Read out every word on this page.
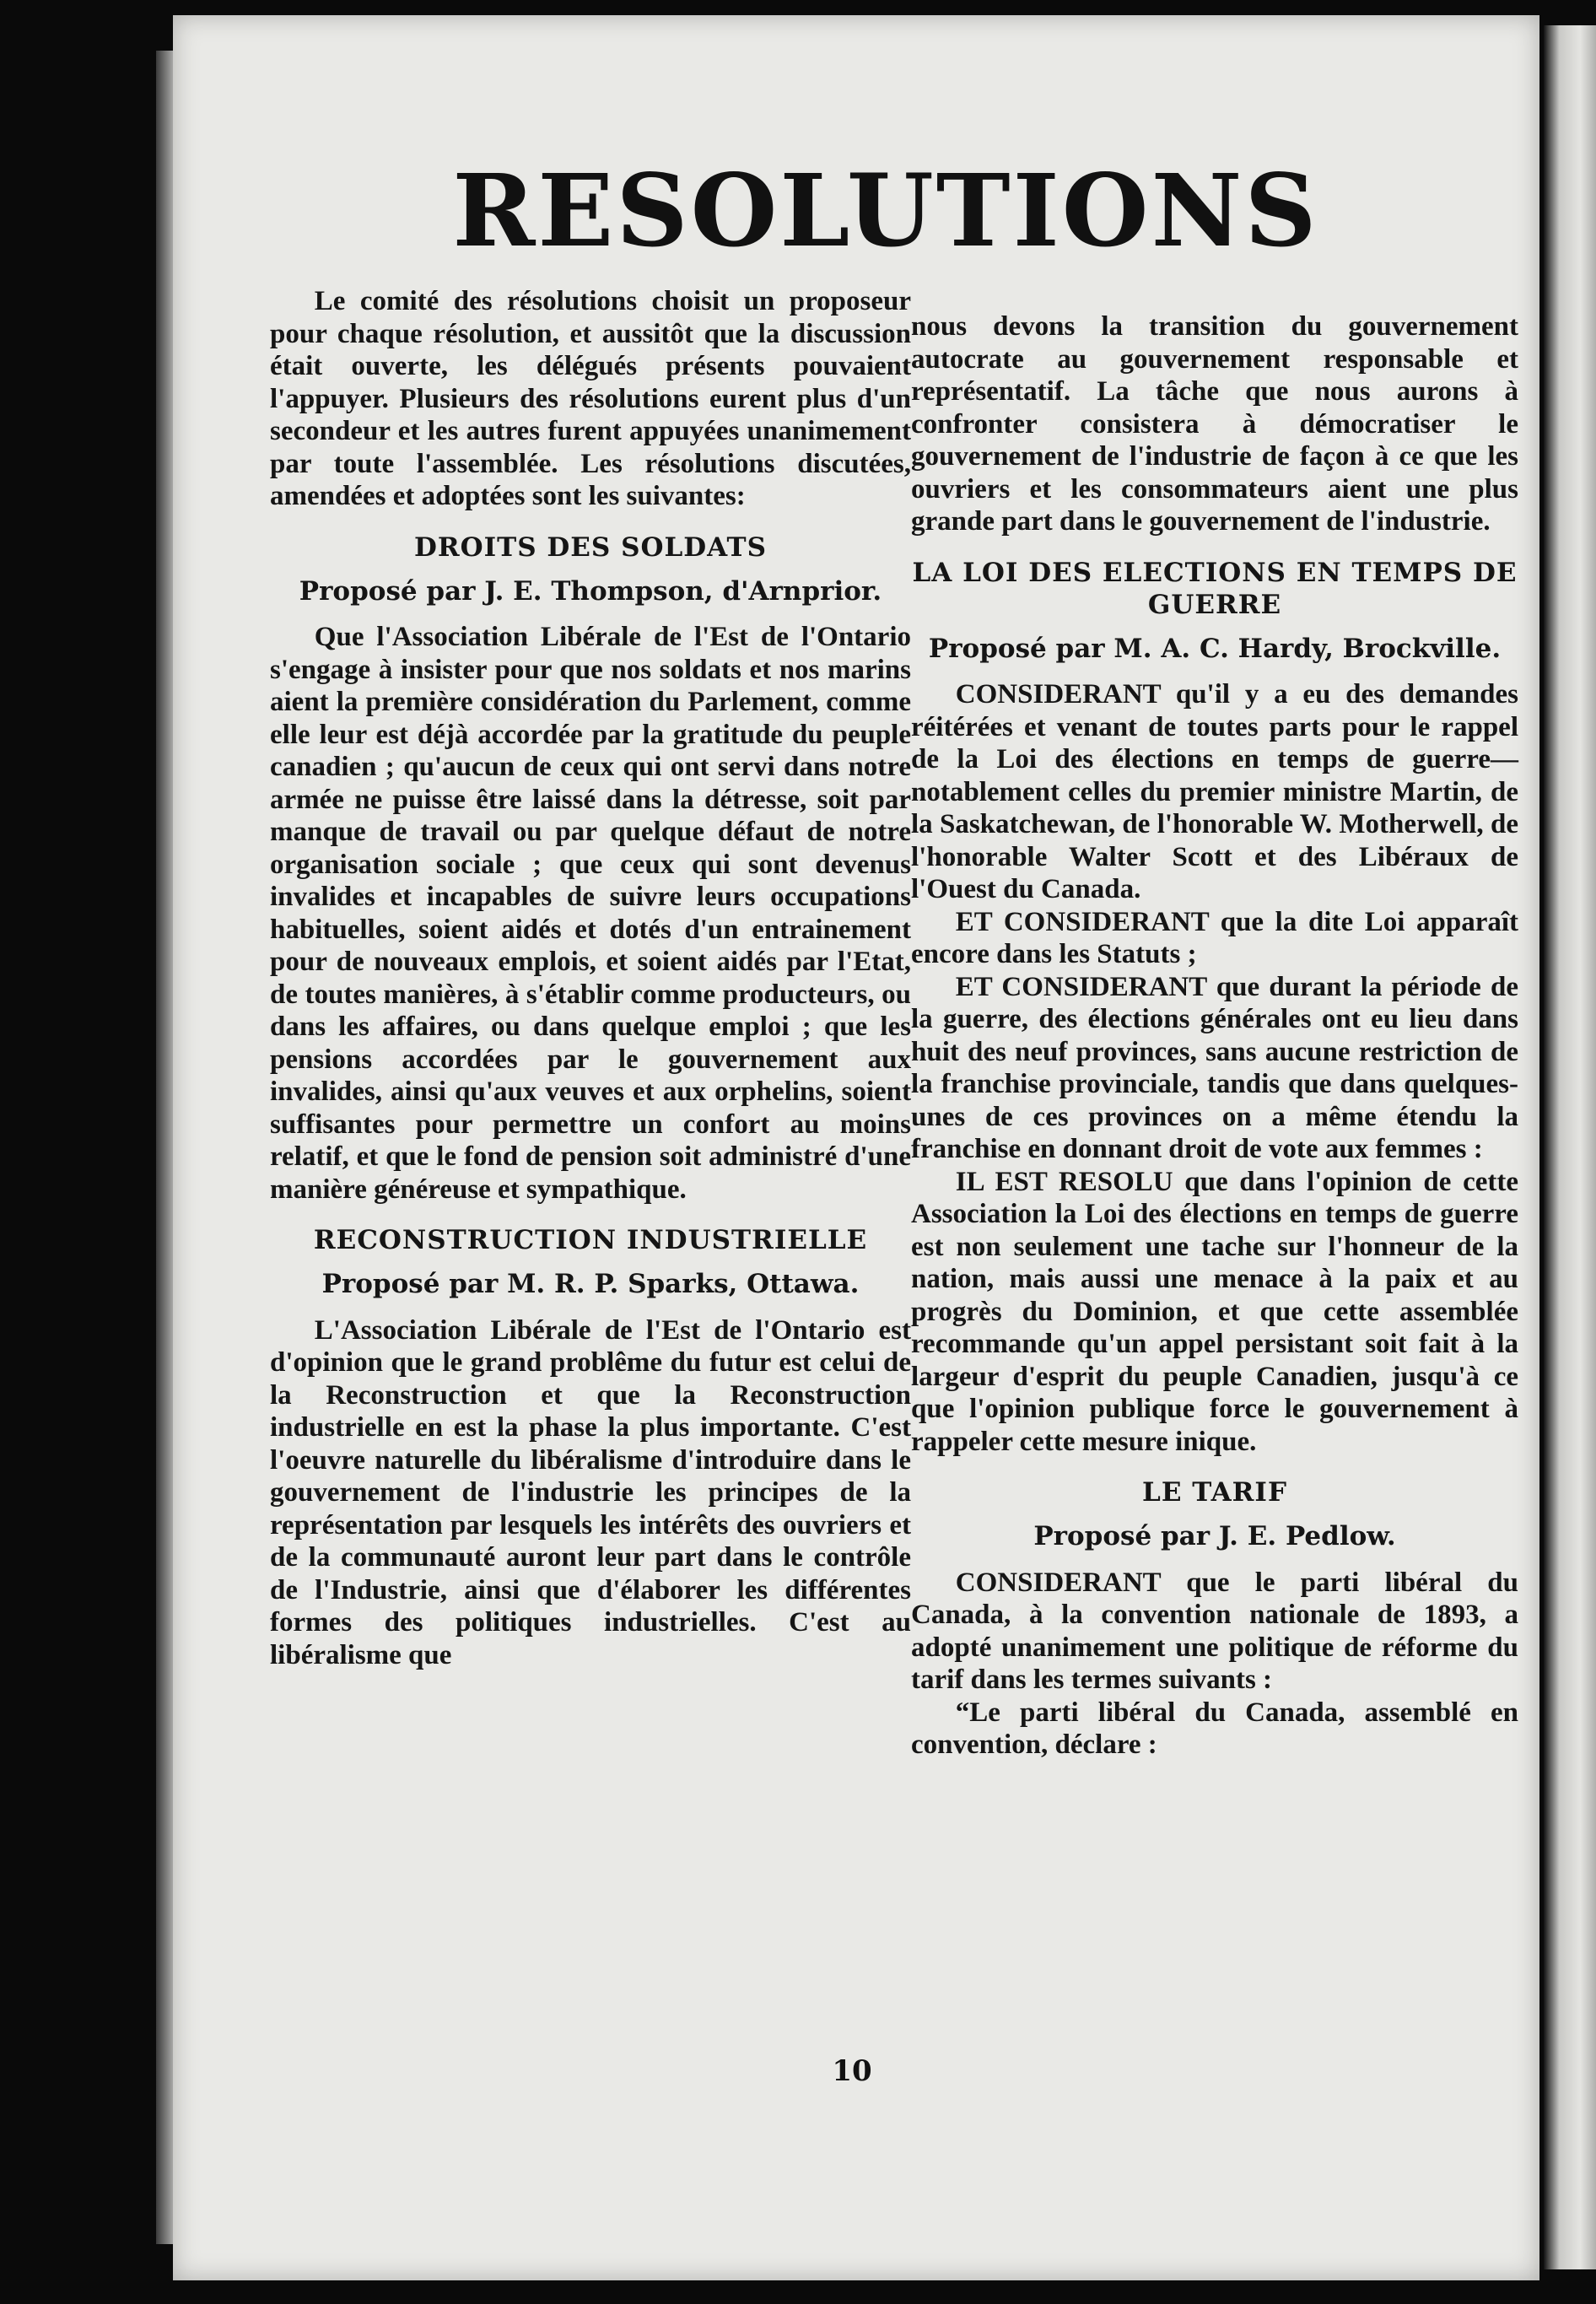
RESOLUTIONS

Le comité des résolutions choisit un proposeur pour chaque résolution, et aussitôt que la discussion était ouverte, les délégués présents pouvaient l'appuyer. Plusieurs des résolutions eurent plus d'un secondeur et les autres furent appuyées unanimement par toute l'assemblée. Les résolutions discutées, amendées et adoptées sont les suivantes:

DROITS DES SOLDATS
Proposé par J. E. Thompson, d'Arnprior.

Que l'Association Libérale de l'Est de l'Ontario s'engage à insister pour que nos soldats et nos marins aient la première considération du Parlement, comme elle leur est déjà accordée par la gratitude du peuple canadien ; qu'aucun de ceux qui ont servi dans notre armée ne puisse être laissé dans la détresse, soit par manque de travail ou par quelque défaut de notre organisation sociale ; que ceux qui sont devenus invalides et incapables de suivre leurs occupations habituelles, soient aidés et dotés d'un entrainement pour de nouveaux emplois, et soient aidés par l'Etat, de toutes manières, à s'établir comme producteurs, ou dans les affaires, ou dans quelque emploi ; que les pensions accordées par le gouvernement aux invalides, ainsi qu'aux veuves et aux orphelins, soient suffisantes pour permettre un confort au moins relatif, et que le fond de pension soit administré d'une manière généreuse et sympathique.

RECONSTRUCTION INDUSTRIELLE
Proposé par M. R. P. Sparks, Ottawa.

L'Association Libérale de l'Est de l'Ontario est d'opinion que le grand problême du futur est celui de la Reconstruction et que la Reconstruction industrielle en est la phase la plus importante. C'est l'oeuvre naturelle du libéralisme d'introduire dans le gouvernement de l'industrie les principes de la représentation par lesquels les intérêts des ouvriers et de la communauté auront leur part dans le contrôle de l'Industrie, ainsi que d'élaborer les différentes formes des politiques industrielles. C'est au libéralisme que

nous devons la transition du gouvernement autocrate au gouvernement responsable et représentatif. La tâche que nous aurons à confronter consistera à démocratiser le gouvernement de l'industrie de façon à ce que les ouvriers et les consommateurs aient une plus grande part dans le gouvernement de l'industrie.

LA LOI DES ELECTIONS EN TEMPS DE GUERRE
Proposé par M. A. C. Hardy, Brockville.

CONSIDERANT qu'il y a eu des demandes réitérées et venant de toutes parts pour le rappel de la Loi des élections en temps de guerre—notablement celles du premier ministre Martin, de la Saskatchewan, de l'honorable W. Motherwell, de l'honorable Walter Scott et des Libéraux de l'Ouest du Canada.

ET CONSIDERANT que la dite Loi apparaît encore dans les Statuts ;

ET CONSIDERANT que durant la période de la guerre, des élections générales ont eu lieu dans huit des neuf provinces, sans aucune restriction de la franchise provinciale, tandis que dans quelques-unes de ces provinces on a même étendu la franchise en donnant droit de vote aux femmes :

IL EST RESOLU que dans l'opinion de cette Association la Loi des élections en temps de guerre est non seulement une tache sur l'honneur de la nation, mais aussi une menace à la paix et au progrès du Dominion, et que cette assemblée recommande qu'un appel persistant soit fait à la largeur d'esprit du peuple Canadien, jusqu'à ce que l'opinion publique force le gouvernement à rappeler cette mesure inique.

LE TARIF
Proposé par J. E. Pedlow.

CONSIDERANT que le parti libéral du Canada, à la convention nationale de 1893, a adopté unanimement une politique de réforme du tarif dans les termes suivants :

“Le parti libéral du Canada, assemblé en convention, déclare :

10
